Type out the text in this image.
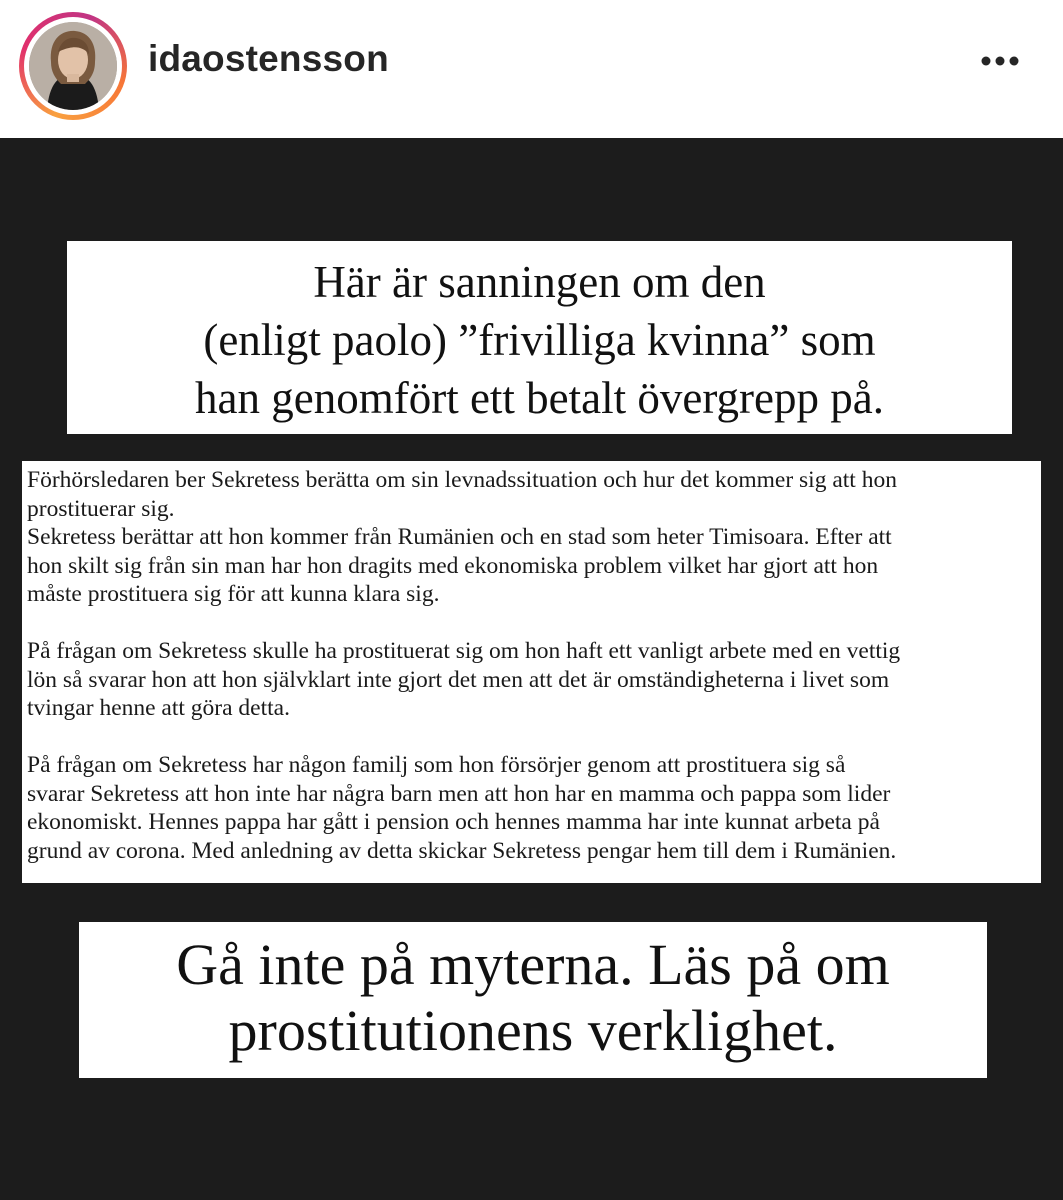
idaostensson
Här är sanningen om den
(enligt paolo) ”frivilliga kvinna” som
han genomfört ett betalt övergrepp på.

Förhörsledaren ber Sekretess berätta om sin levnadssituation och hur det kommer sig att hon
prostituerar sig.
Sekretess berättar att hon kommer från Rumänien och en stad som heter Timisoara. Efter att
hon skilt sig från sin man har hon dragits med ekonomiska problem vilket har gjort att hon
måste prostituera sig för att kunna klara sig.

På frågan om Sekretess skulle ha prostituerat sig om hon haft ett vanligt arbete med en vettig
lön så svarar hon att hon självklart inte gjort det men att det är omständigheterna i livet som
tvingar henne att göra detta.

På frågan om Sekretess har någon familj som hon försörjer genom att prostituera sig så
svarar Sekretess att hon inte har några barn men att hon har en mamma och pappa som lider
ekonomiskt. Hennes pappa har gått i pension och hennes mamma har inte kunnat arbeta på
grund av corona. Med anledning av detta skickar Sekretess pengar hem till dem i Rumänien.

Gå inte på myterna. Läs på om
prostitutionens verklighet.
